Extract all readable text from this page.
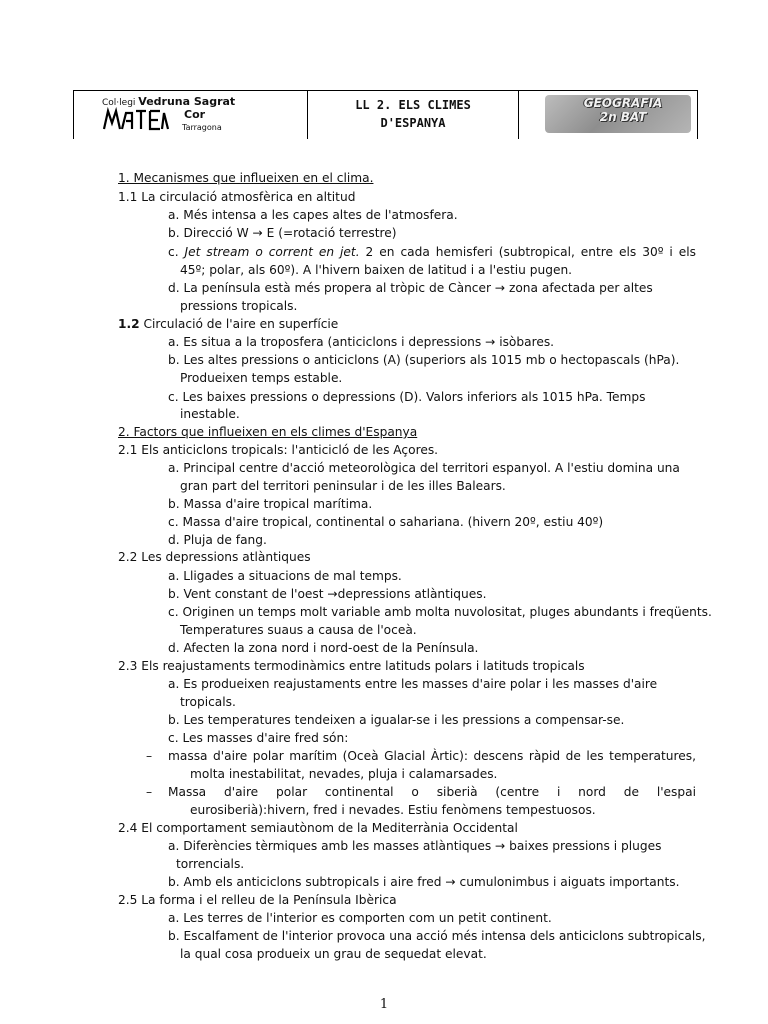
Col·legi Vedruna Sagrat
Cor
Tarragona

LL 2. ELS CLIMES
D'ESPANYA

GEOGRAFIA
2n BAT
1. Mecanismes que influeixen en el clima.
1.1 La circulació atmosfèrica en altitud
a. Més intensa a les capes altes de l'atmosfera.
b. Direcció W → E (=rotació terrestre)
c. Jet stream o corrent en jet. 2 en cada hemisferi (subtropical, entre els 30º i els
45º; polar, als 60º). A l'hivern baixen de latitud i a l'estiu pugen.
d. La península està més propera al tròpic de Càncer → zona afectada per altes
pressions tropicals.
1.2 Circulació de l'aire en superfície
a. Es situa a la troposfera (anticiclons i depressions → isòbares.
b. Les altes pressions o anticiclons (A) (superiors als 1015 mb o hectopascals (hPa).
Produeixen temps estable.
c. Les baixes pressions o depressions (D). Valors inferiors als 1015 hPa. Temps
inestable.
2. Factors que influeixen en els climes d'Espanya
2.1 Els anticiclons tropicals: l'anticicló de les Açores.
a. Principal centre d'acció meteorològica del territori espanyol. A l'estiu domina una
gran part del territori peninsular i de les illes Balears.
b. Massa d'aire tropical marítima.
c. Massa d'aire tropical, continental o sahariana. (hivern 20º, estiu 40º)
d. Pluja de fang.
2.2 Les depressions atlàntiques
a. Lligades a situacions de mal temps.
b. Vent constant de l'oest →depressions atlàntiques.
c. Originen un temps molt variable amb molta nuvolositat, pluges abundants i freqüents.
Temperatures suaus a causa de l'oceà.
d. Afecten la zona nord i nord-oest de la Península.
2.3 Els reajustaments termodinàmics entre latituds polars i latituds tropicals
a. Es produeixen reajustaments entre les masses d'aire polar i les masses d'aire
tropicals.
b. Les temperatures tendeixen a igualar-se i les pressions a compensar-se.
c. Les masses d'aire fred són:
– massa d'aire polar marítim (Oceà Glacial Àrtic): descens ràpid de les temperatures,
molta inestabilitat, nevades, pluja i calamarsades.
– Massa d'aire polar continental o siberià (centre i nord de l'espai
eurosiberià):hivern, fred i nevades. Estiu fenòmens tempestuosos.
2.4 El comportament semiautònom de la Mediterrània Occidental
a. Diferències tèrmiques amb les masses atlàntiques → baixes pressions i pluges
torrencials.
b. Amb els anticiclons subtropicals i aire fred → cumulonimbus i aiguats importants.
2.5 La forma i el relleu de la Península Ibèrica
a. Les terres de l'interior es comporten com un petit continent.
b. Escalfament de l'interior provoca una acció més intensa dels anticiclons subtropicals,
la qual cosa produeix un grau de sequedat elevat.
1
